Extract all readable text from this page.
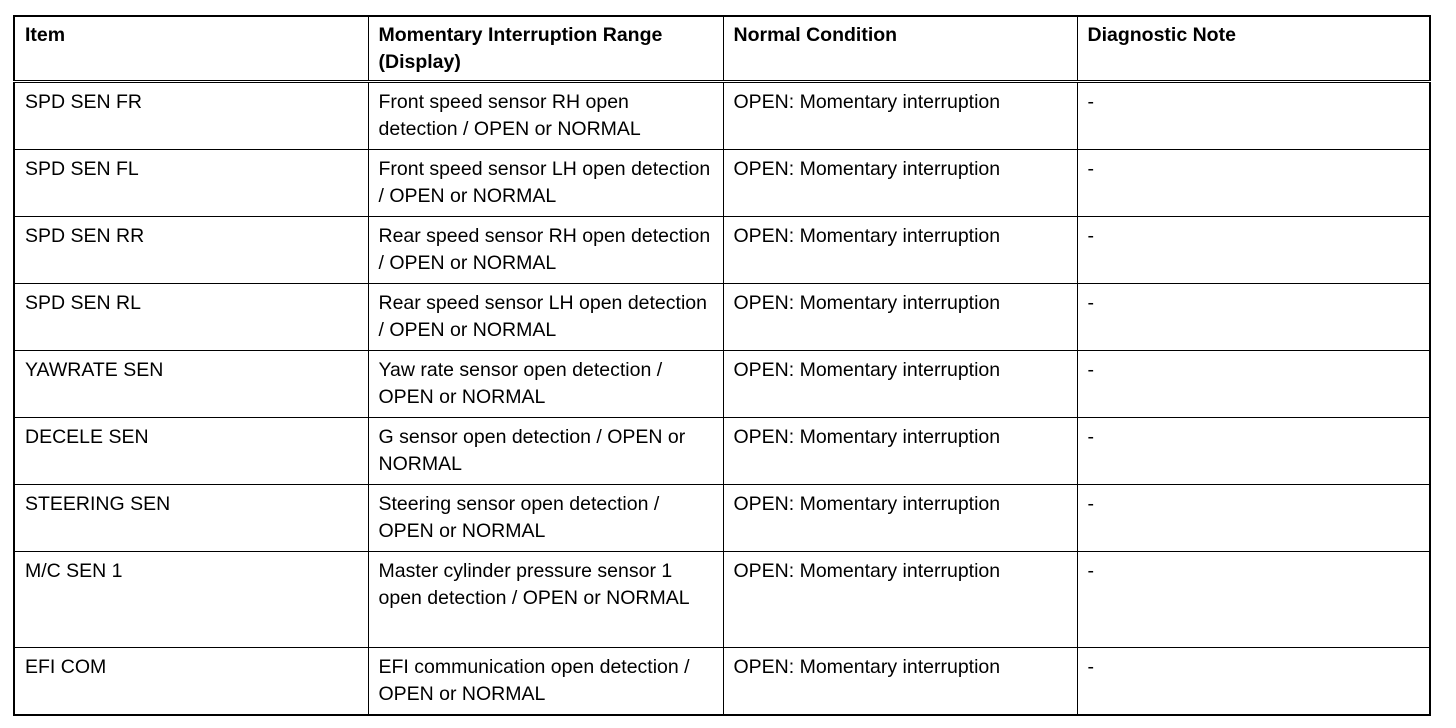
Item	Momentary Interruption Range (Display)	Normal Condition	Diagnostic Note
SPD SEN FR	Front speed sensor RH open detection / OPEN or NORMAL	OPEN: Momentary interruption	-
SPD SEN FL	Front speed sensor LH open detection / OPEN or NORMAL	OPEN: Momentary interruption	-
SPD SEN RR	Rear speed sensor RH open detection / OPEN or NORMAL	OPEN: Momentary interruption	-
SPD SEN RL	Rear speed sensor LH open detection / OPEN or NORMAL	OPEN: Momentary interruption	-
YAWRATE SEN	Yaw rate sensor open detection / OPEN or NORMAL	OPEN: Momentary interruption	-
DECELE SEN	G sensor open detection / OPEN or NORMAL	OPEN: Momentary interruption	-
STEERING SEN	Steering sensor open detection / OPEN or NORMAL	OPEN: Momentary interruption	-
M/C SEN 1	Master cylinder pressure sensor 1 open detection / OPEN or NORMAL	OPEN: Momentary interruption	-
EFI COM	EFI communication open detection / OPEN or NORMAL	OPEN: Momentary interruption	-
